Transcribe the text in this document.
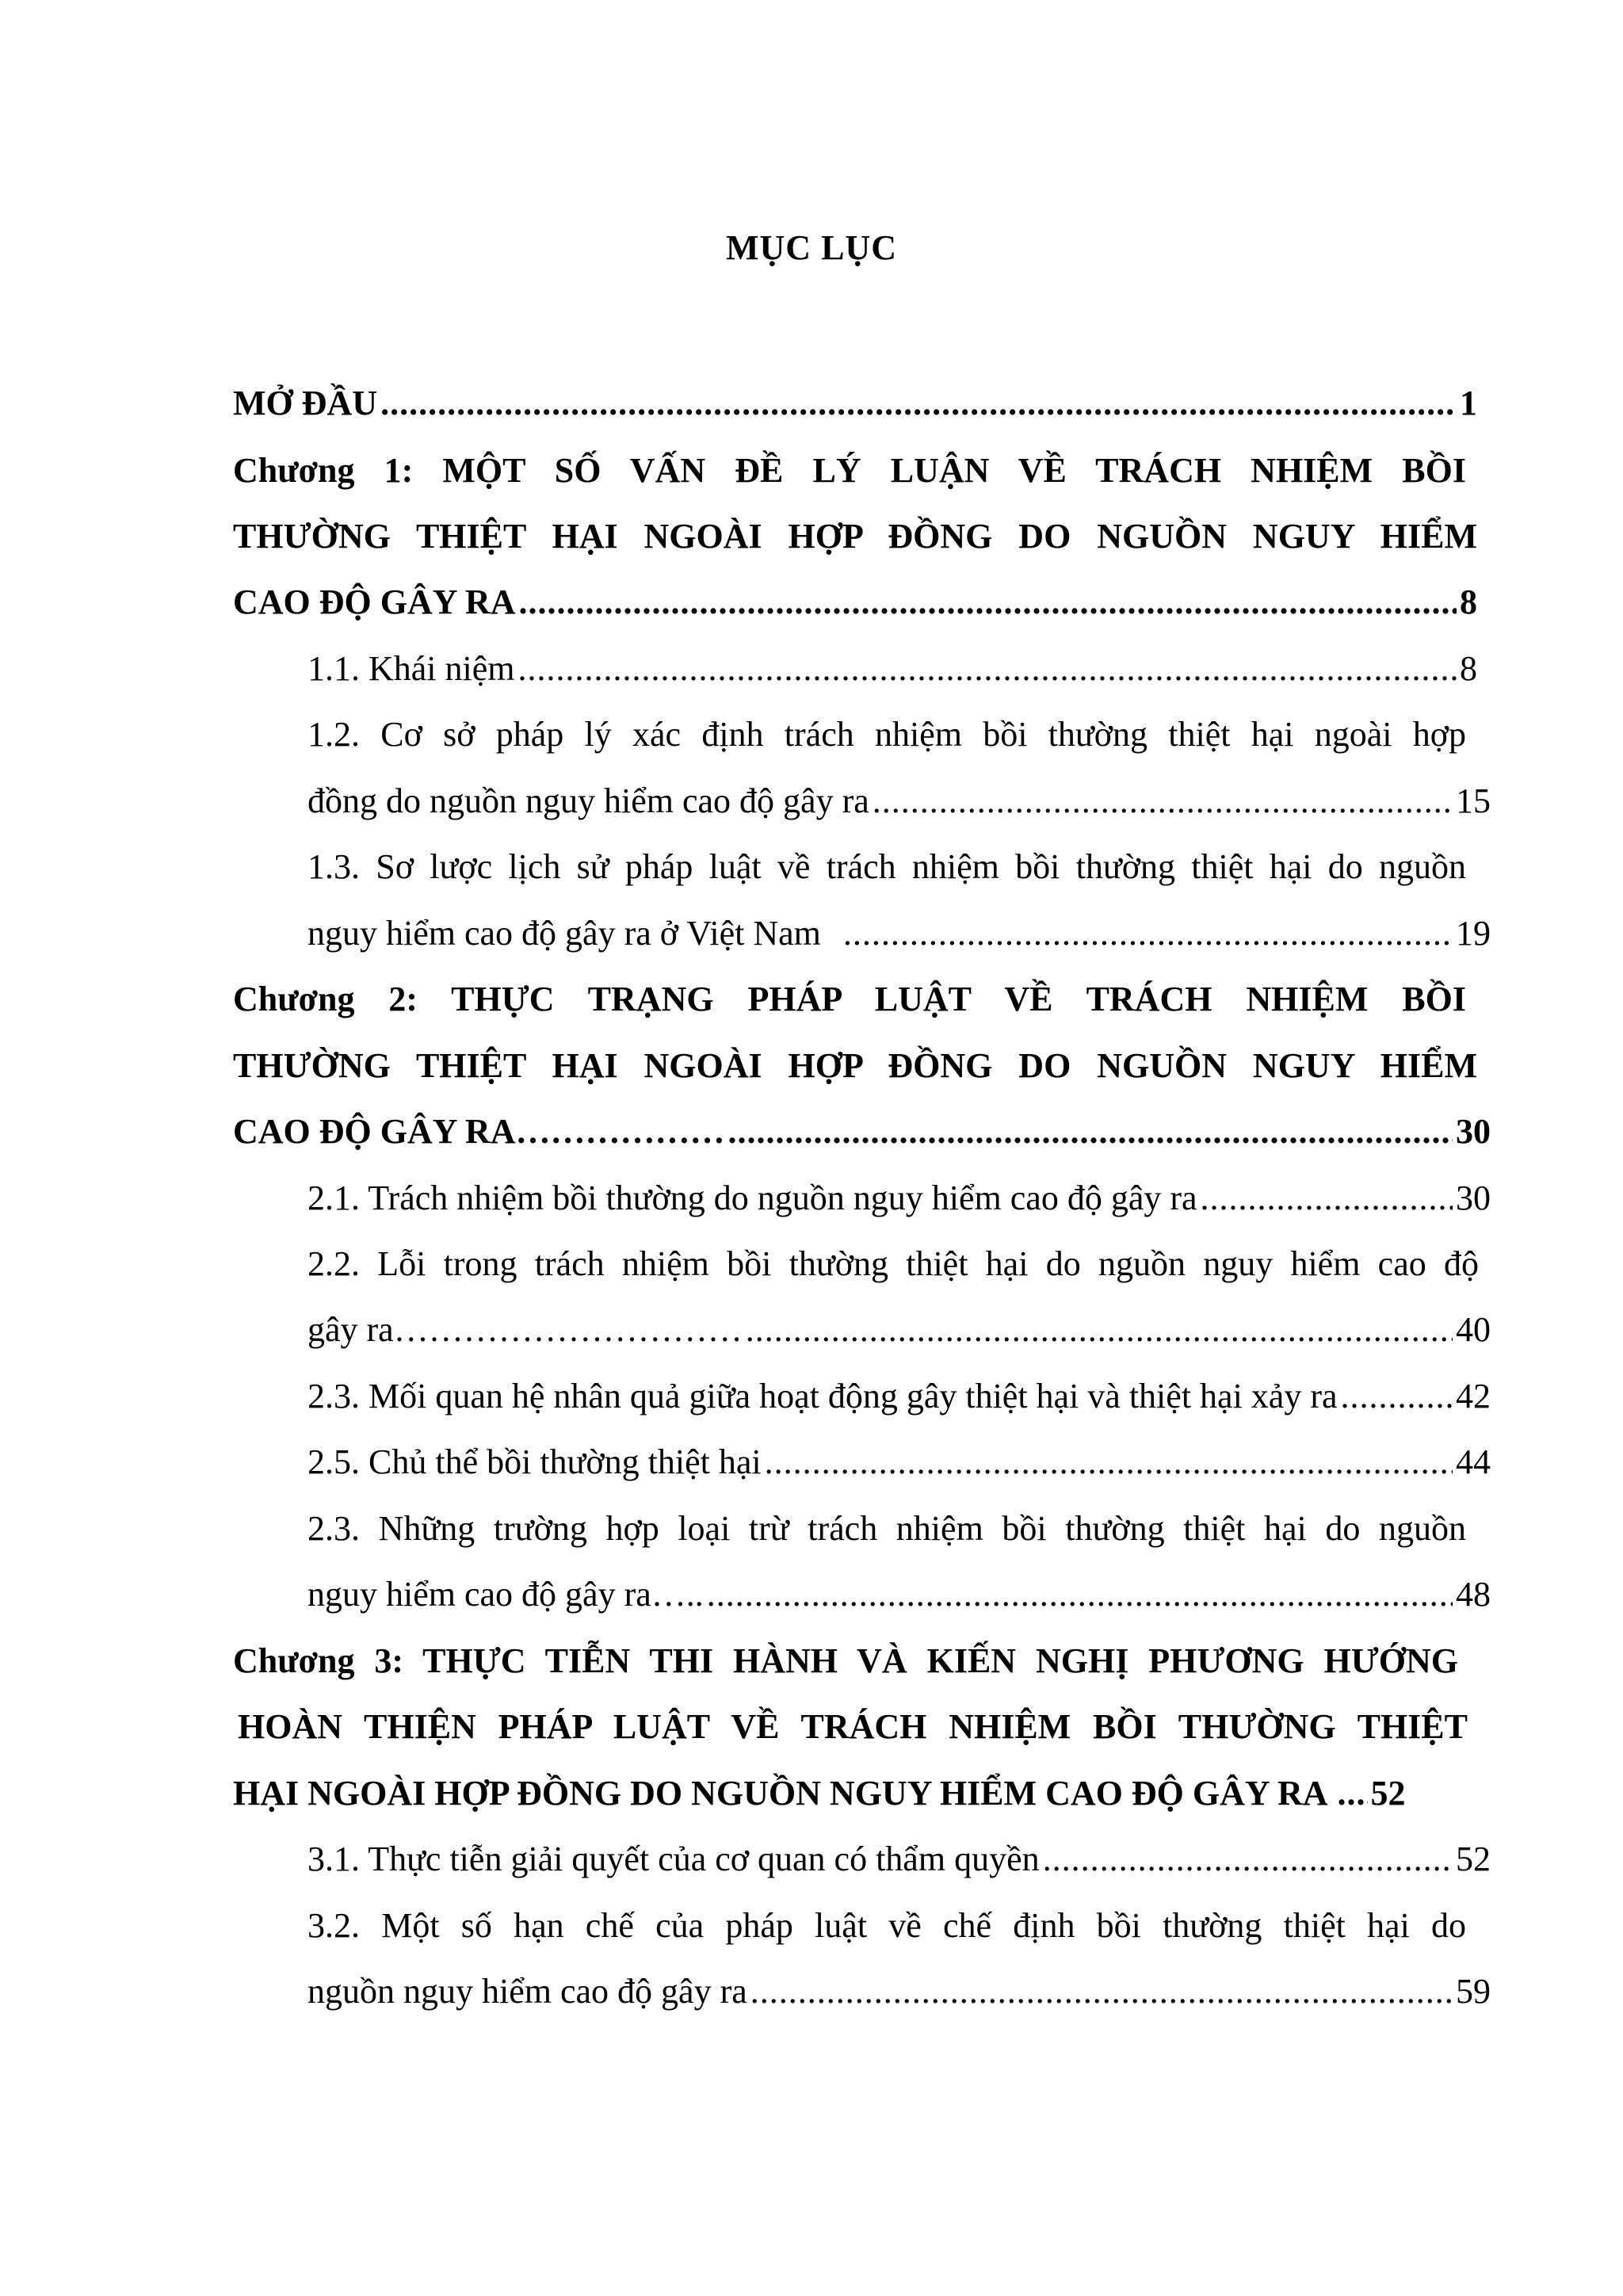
MỤC LỤC
MỞ ĐẦU .....	1
Chương 1: MỘT SỐ VẤN ĐỀ LÝ LUẬN VỀ TRÁCH NHIỆM BỒI
THƯỜNG THIỆT HẠI NGOÀI HỢP ĐỒNG DO NGUỒN NGUY HIỂM
CAO ĐỘ GÂY RA .....	8
1.1. Khái niệm .....	8
1.2. Cơ sở pháp lý xác định trách nhiệm bồi thường thiệt hại ngoài hợp
đồng do nguồn nguy hiểm cao độ gây ra .....	15
1.3. Sơ lược lịch sử pháp luật về trách nhiệm bồi thường thiệt hại do nguồn
nguy hiểm cao độ gây ra ở Việt Nam .....	19
Chương 2: THỰC TRẠNG PHÁP LUẬT VỀ TRÁCH NHIỆM BỒI
THƯỜNG THIỆT HẠI NGOÀI HỢP ĐỒNG DO NGUỒN NGUY HIỂM
CAO ĐỘ GÂY RA……………… .....	30
2.1. Trách nhiệm bồi thường do nguồn nguy hiểm cao độ gây ra .....	30
2.2. Lỗi trong trách nhiệm bồi thường thiệt hại do nguồn nguy hiểm cao độ
gây ra………………………… .....	40
2.3. Mối quan hệ nhân quả giữa hoạt động gây thiệt hại và thiệt hại xảy ra .....	42
2.5. Chủ thể bồi thường thiệt hại .....	44
2.3. Những trường hợp loại trừ trách nhiệm bồi thường thiệt hại do nguồn
nguy hiểm cao độ gây ra….. .....	48
Chương 3: THỰC TIỄN THI HÀNH VÀ KIẾN NGHỊ PHƯƠNG HƯỚNG
HOÀN THIỆN PHÁP LUẬT VỀ TRÁCH NHIỆM BỒI THƯỜNG THIỆT
HẠI NGOÀI HỢP ĐỒNG DO NGUỒN NGUY HIỂM CAO ĐỘ GÂY RA ..... 52
3.1. Thực tiễn giải quyết của cơ quan có thẩm quyền .....	52
3.2. Một số hạn chế của pháp luật về chế định bồi thường thiệt hại do
nguồn nguy hiểm cao độ gây ra .....	59
